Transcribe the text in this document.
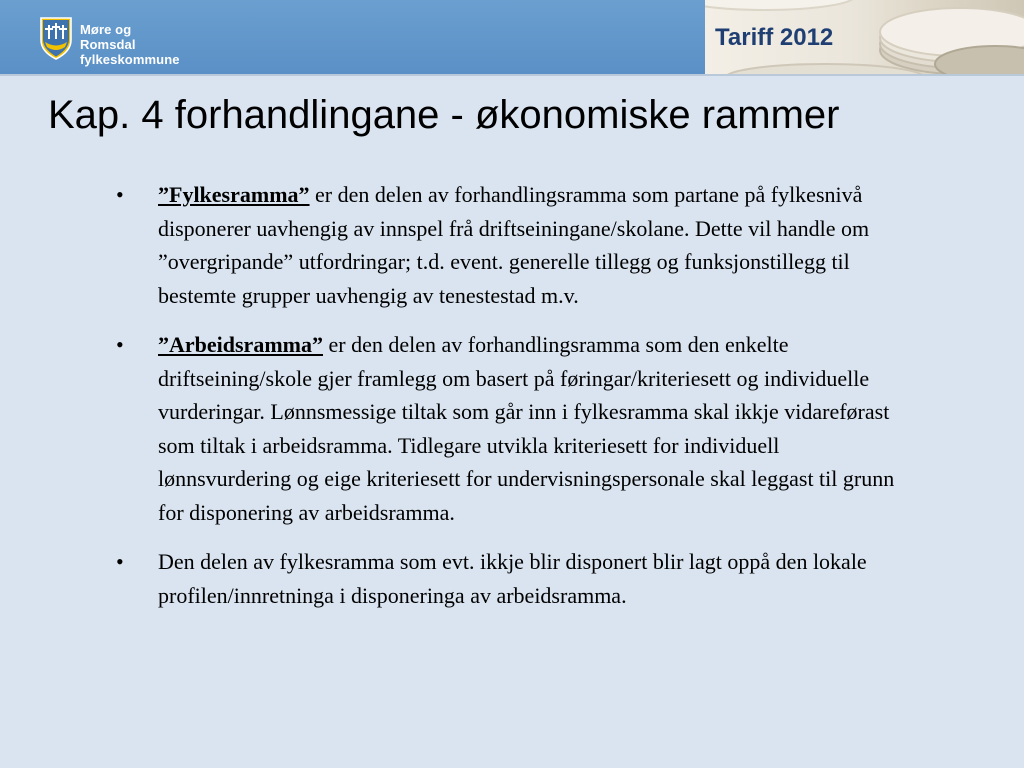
Møre og Romsdal
fylkeskommune
Tariff 2012
Kap. 4 forhandlingane - økonomiske rammer
• ”Fylkesramma” er den delen av forhandlingsramma som partane på fylkesnivå disponerer uavhengig av innspel frå driftseiningane/skolane. Dette vil handle om ”overgripande” utfordringar; t.d. event. generelle tillegg og funksjonstillegg til bestemte grupper uavhengig av tenestestad m.v.
• ”Arbeidsramma” er den delen av forhandlingsramma som den enkelte driftseining/skole gjer framlegg om basert på føringar/kriteriesett og individuelle vurderingar. Lønnsmessige tiltak som går inn i fylkesramma skal ikkje vidareførast som tiltak i arbeidsramma. Tidlegare utvikla kriteriesett for individuell lønnsvurdering og eige kriteriesett for undervisningspersonale skal leggast til grunn for disponering av arbeidsramma.
• Den delen av fylkesramma som evt. ikkje blir disponert blir lagt oppå den lokale profilen/innretninga i disponeringa av arbeidsramma.
